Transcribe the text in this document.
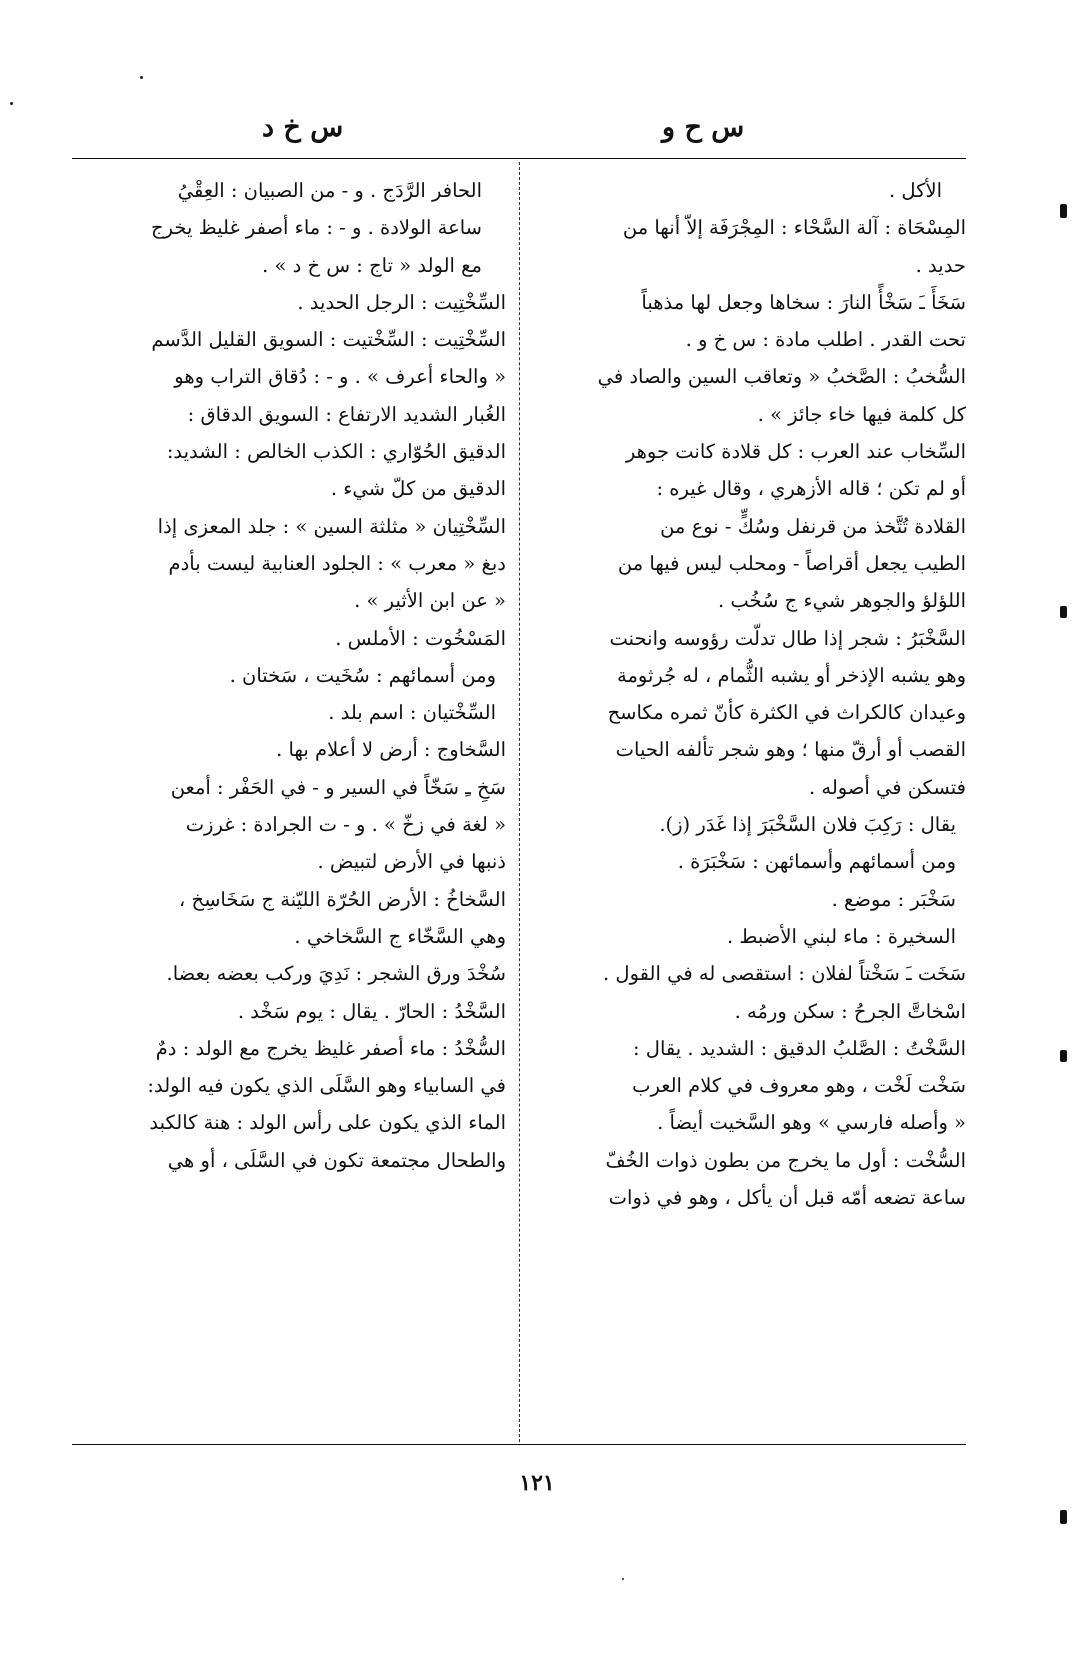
س خ د	س ح و

الأكل .

المِسْحَاة : آلة السَّحْاء : المِجْرَفَة إلاّ أنها من
حديد .

سَخَأَ ـَ سَخْأً النارَ : سخاها وجعل لها مذهباً
تحت القدر . اطلب مادة : س خ و .

السُّخبُ : الصَّخبُ « وتعاقب السين والصاد في
كل كلمة فيها خاء جائز » .

السِّخاب عند العرب : كل قلادة كانت جوهر
أو لم تكن ؛ قاله الأزهري ، وقال غيره :
القلادة تُتَّخذ من قرنفل وسُكٍّ - نوع من
الطيب يجعل أقراصاً - ومحلب ليس فيها من
اللؤلؤ والجوهر شيء ج سُخُب .

السَّخْبَرُ : شجر إذا طال تدلّت رؤوسه وانحنت
وهو يشبه الإذخر أو يشبه الثُّمام ، له جُرثومة
وعيدان كالكراث في الكثرة كأنّ ثمره مكاسح
القصب أو أرقّ منها ؛ وهو شجر تألفه الحيات
فتسكن في أصوله .

يقال : رَكِبَ فلان السَّخْبَرَ إذا غَدَر (ز).

ومن أسمائهم وأسمائهن : سَخْبَرَة .

سَخْبَر : موضع .

السخيرة : ماء لبني الأضبط .

سَخَت ـَ سَخْتاً لفلان : استقصى له في القول .

اسْخاتَّ الجرحُ : سكن ورمُه .

السَّخْتُ : الصَّلبُ الدقيق : الشديد . يقال :
سَخْت لَخْت ، وهو معروف في كلام العرب
« وأصله فارسي » وهو السَّخيت أيضاً .

السُّخْت : أول ما يخرج من بطون ذوات الخُفّ
ساعة تضعه أمّه قبل أن يأكل ، وهو في ذوات

الحافر الرَّدَج . و - من الصبيان : العِقْيُ
ساعة الولادة . و - : ماء أصفر غليظ يخرج
مع الولد « تاج : س خ د » .

السِّخْتِيت : الرجل الحديد .

السِّخْتِيت : السِّخْتيت : السويق القليل الدَّسم
« والحاء أعرف » . و - : دُقاق التراب وهو
الغُبار الشديد الارتفاع : السويق الدقاق :
الدقيق الحُوّاري : الكذب الخالص : الشديد:
الدقيق من كلّ شيء .

السِّخْتِيان « مثلثة السين » : جلد المعزى إذا
دبغ « معرب » : الجلود العنابية ليست بأدم
« عن ابن الأثير » .

المَسْخُوت : الأملس .

ومن أسمائهم : سُخَيت ، سَختان .

السِّخْتيان : اسم بلد .

السَّخاوج : أرض لا أعلام بها .

سَخِ ـِ سَخّاً في السير و - في الحَفْر : أمعن
« لغة في زخّ » . و - ت الجرادة : غرزت
ذنبها في الأرض لتبيض .

السَّخاخُ : الأرض الحُرّة الليّنة ج سَخَاسِخ ،
وهي السَّخّاء ج السَّخاخي .

سُخْدَ ورق الشجر : نَدِيَ وركب بعضه بعضا.

السَّخْدُ : الحارّ . يقال : يوم سَخْد .

السُّخْدُ : ماء أصفر غليظ يخرج مع الولد : دمٌ
في السابياء وهو السَّلَى الذي يكون فيه الولد:
الماء الذي يكون على رأس الولد : هنة كالكبد
والطحال مجتمعة تكون في السَّلَى ، أو هي

١٢١
